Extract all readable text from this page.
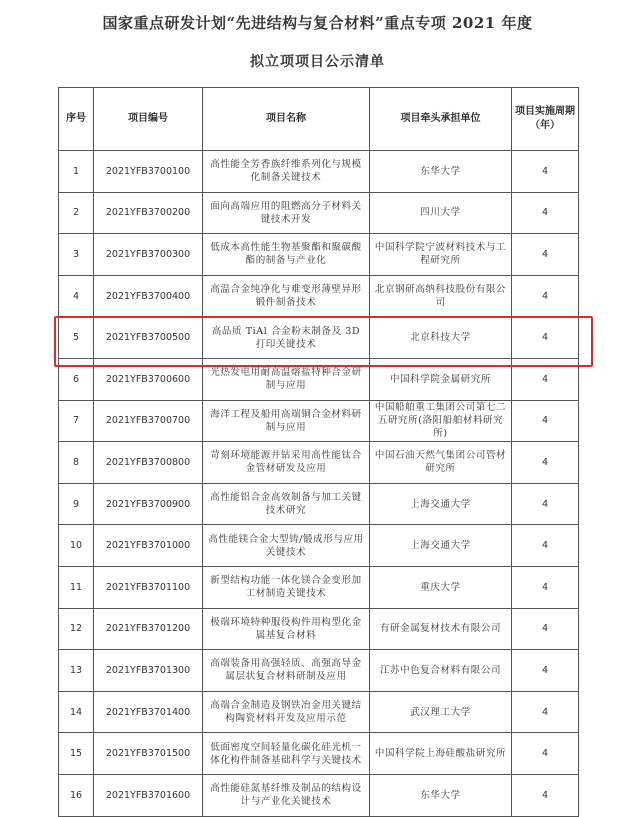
国家重点研发计划“先进结构与复合材料”重点专项 2021 年度
拟立项项目公示清单
序号	项目编号	项目名称	项目牵头承担单位	项目实施周期（年）
1	2021YFB3700100	高性能全芳香族纤维系列化与规模化制备关键技术	东华大学	4
2	2021YFB3700200	面向高端应用的阻燃高分子材料关键技术开发	四川大学	4
3	2021YFB3700300	低成本高性能生物基聚酯和聚碳酸酯的制备与产业化	中国科学院宁波材料技术与工程研究所	4
4	2021YFB3700400	高温合金纯净化与难变形薄壁异形锻件制备技术	北京钢研高纳科技股份有限公司	4
5	2021YFB3700500	高品质 TiAl 合金粉末制备及 3D 打印关键技术	北京科技大学	4
6	2021YFB3700600	光热发电用耐高温熔盐特种合金研制与应用	中国科学院金属研究所	4
7	2021YFB3700700	海洋工程及船用高端铜合金材料研制与应用	中国船舶重工集团公司第七二五研究所(洛阳船舶材料研究所)	4
8	2021YFB3700800	苛刻环境能源井钻采用高性能钛合金管材研发及应用	中国石油天然气集团公司管材研究所	4
9	2021YFB3700900	高性能铝合金高效制备与加工关键技术研究	上海交通大学	4
10	2021YFB3701000	高性能镁合金大型铸/锻成形与应用关键技术	上海交通大学	4
11	2021YFB3701100	新型结构功能一体化镁合金变形加工材制造关键技术	重庆大学	4
12	2021YFB3701200	极端环境特种服役构件用构型化金属基复合材料	有研金属复材技术有限公司	4
13	2021YFB3701300	高端装备用高强轻质、高强高导金属层状复合材料研制及应用	江苏中色复合材料有限公司	4
14	2021YFB3701400	高端合金制造及钢铁冶金用关键结构陶瓷材料开发及应用示范	武汉理工大学	4
15	2021YFB3701500	低面密度空间轻量化碳化硅光机一体化构件制备基础科学与关键技术	中国科学院上海硅酸盐研究所	4
16	2021YFB3701600	高性能硅氮基纤维及制品的结构设计与产业化关键技术	东华大学	4
